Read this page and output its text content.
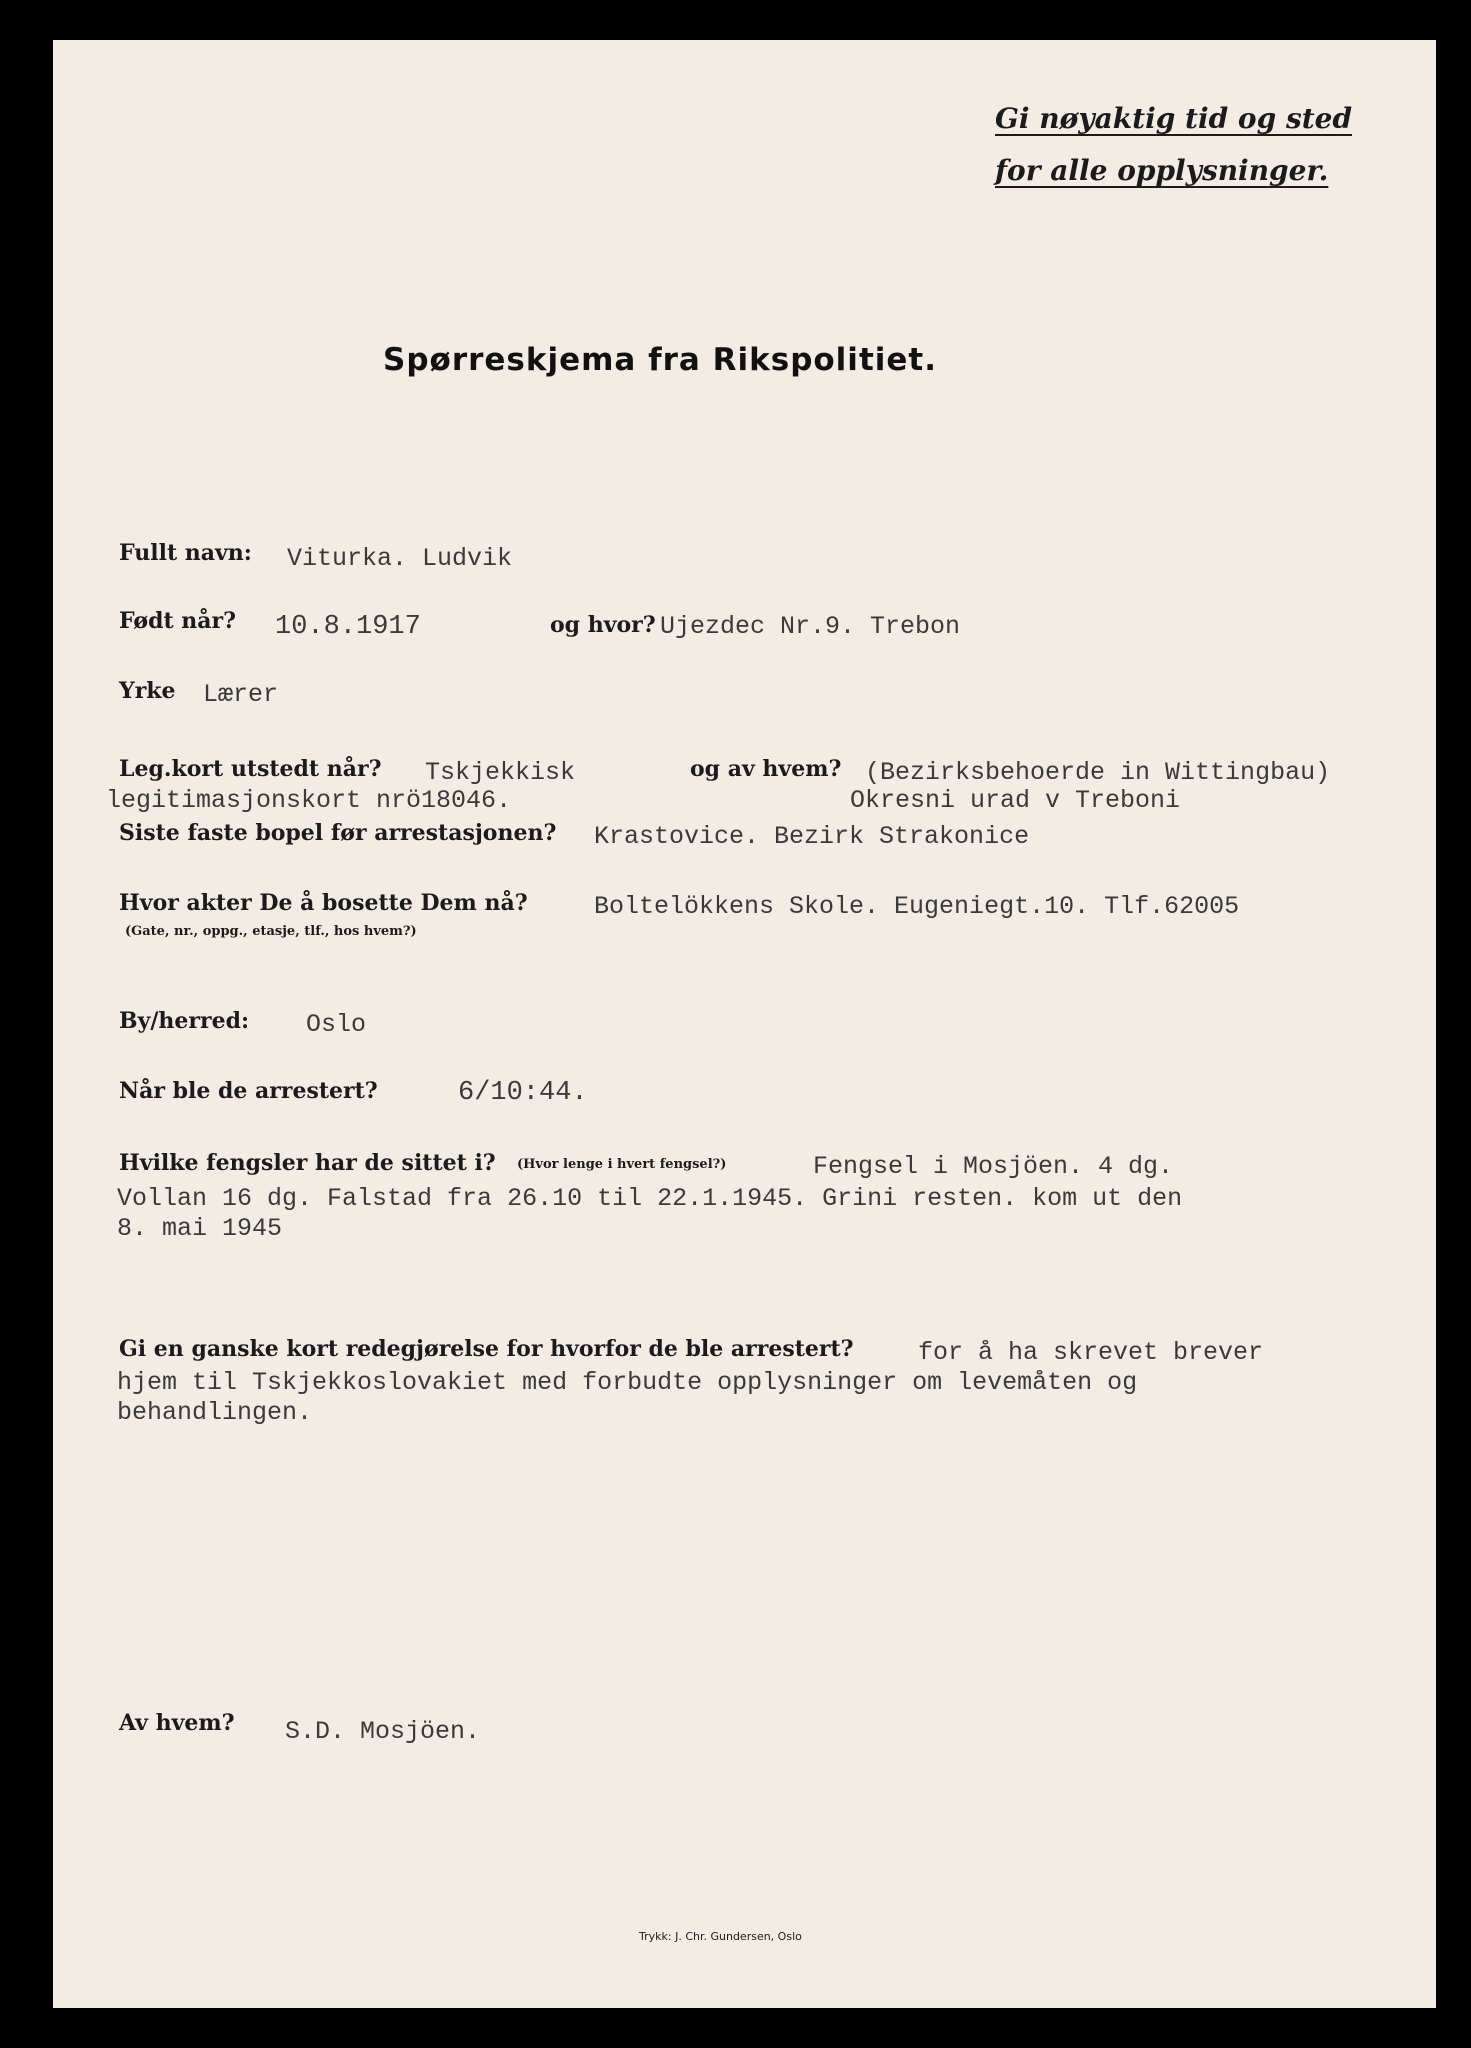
Gi nøyaktig tid og sted
for alle opplysninger.
Spørreskjema fra Rikspolitiet.
Fullt navn: Viturka. Ludvik
Født når? 10.8.1917	og hvor? Ujezdec Nr.9. Trebon
Yrke Lærer
Leg.kort utstedt når? Tskjekkisk
legitimasjonskort nrö18046.
og av hvem? (Bezirksbehoerde in Wittingbau)
Okresni urad v Treboni
Siste faste bopel før arrestasjonen? Krastovice. Bezirk Strakonice
Hvor akter De å bosette Dem nå?
(Gate, nr., oppg., etasje, tlf., hos hvem?)
Boltelökkens Skole. Eugeniegt.10. Tlf.62005
By/herred: Oslo
Når ble de arrestert?	6/10:44.
Hvilke fengsler har de sittet i? (Hvor lenge i hvert fengsel?)	Fengsel i Mosjöen. 4 dg.
Vollan 16 dg. Falstad fra 26.10 til 22.1.1945. Grini resten. kom ut den
8. mai 1945
Gi en ganske kort redegjørelse for hvorfor de ble arrestert?	for å ha skrevet brever
hjem til Tskjekkoslovakiet med forbudte opplysninger om levemåten og
behandlingen.
Av hvem? S.D. Mosjöen.
Trykk: J. Chr. Gundersen, Oslo
